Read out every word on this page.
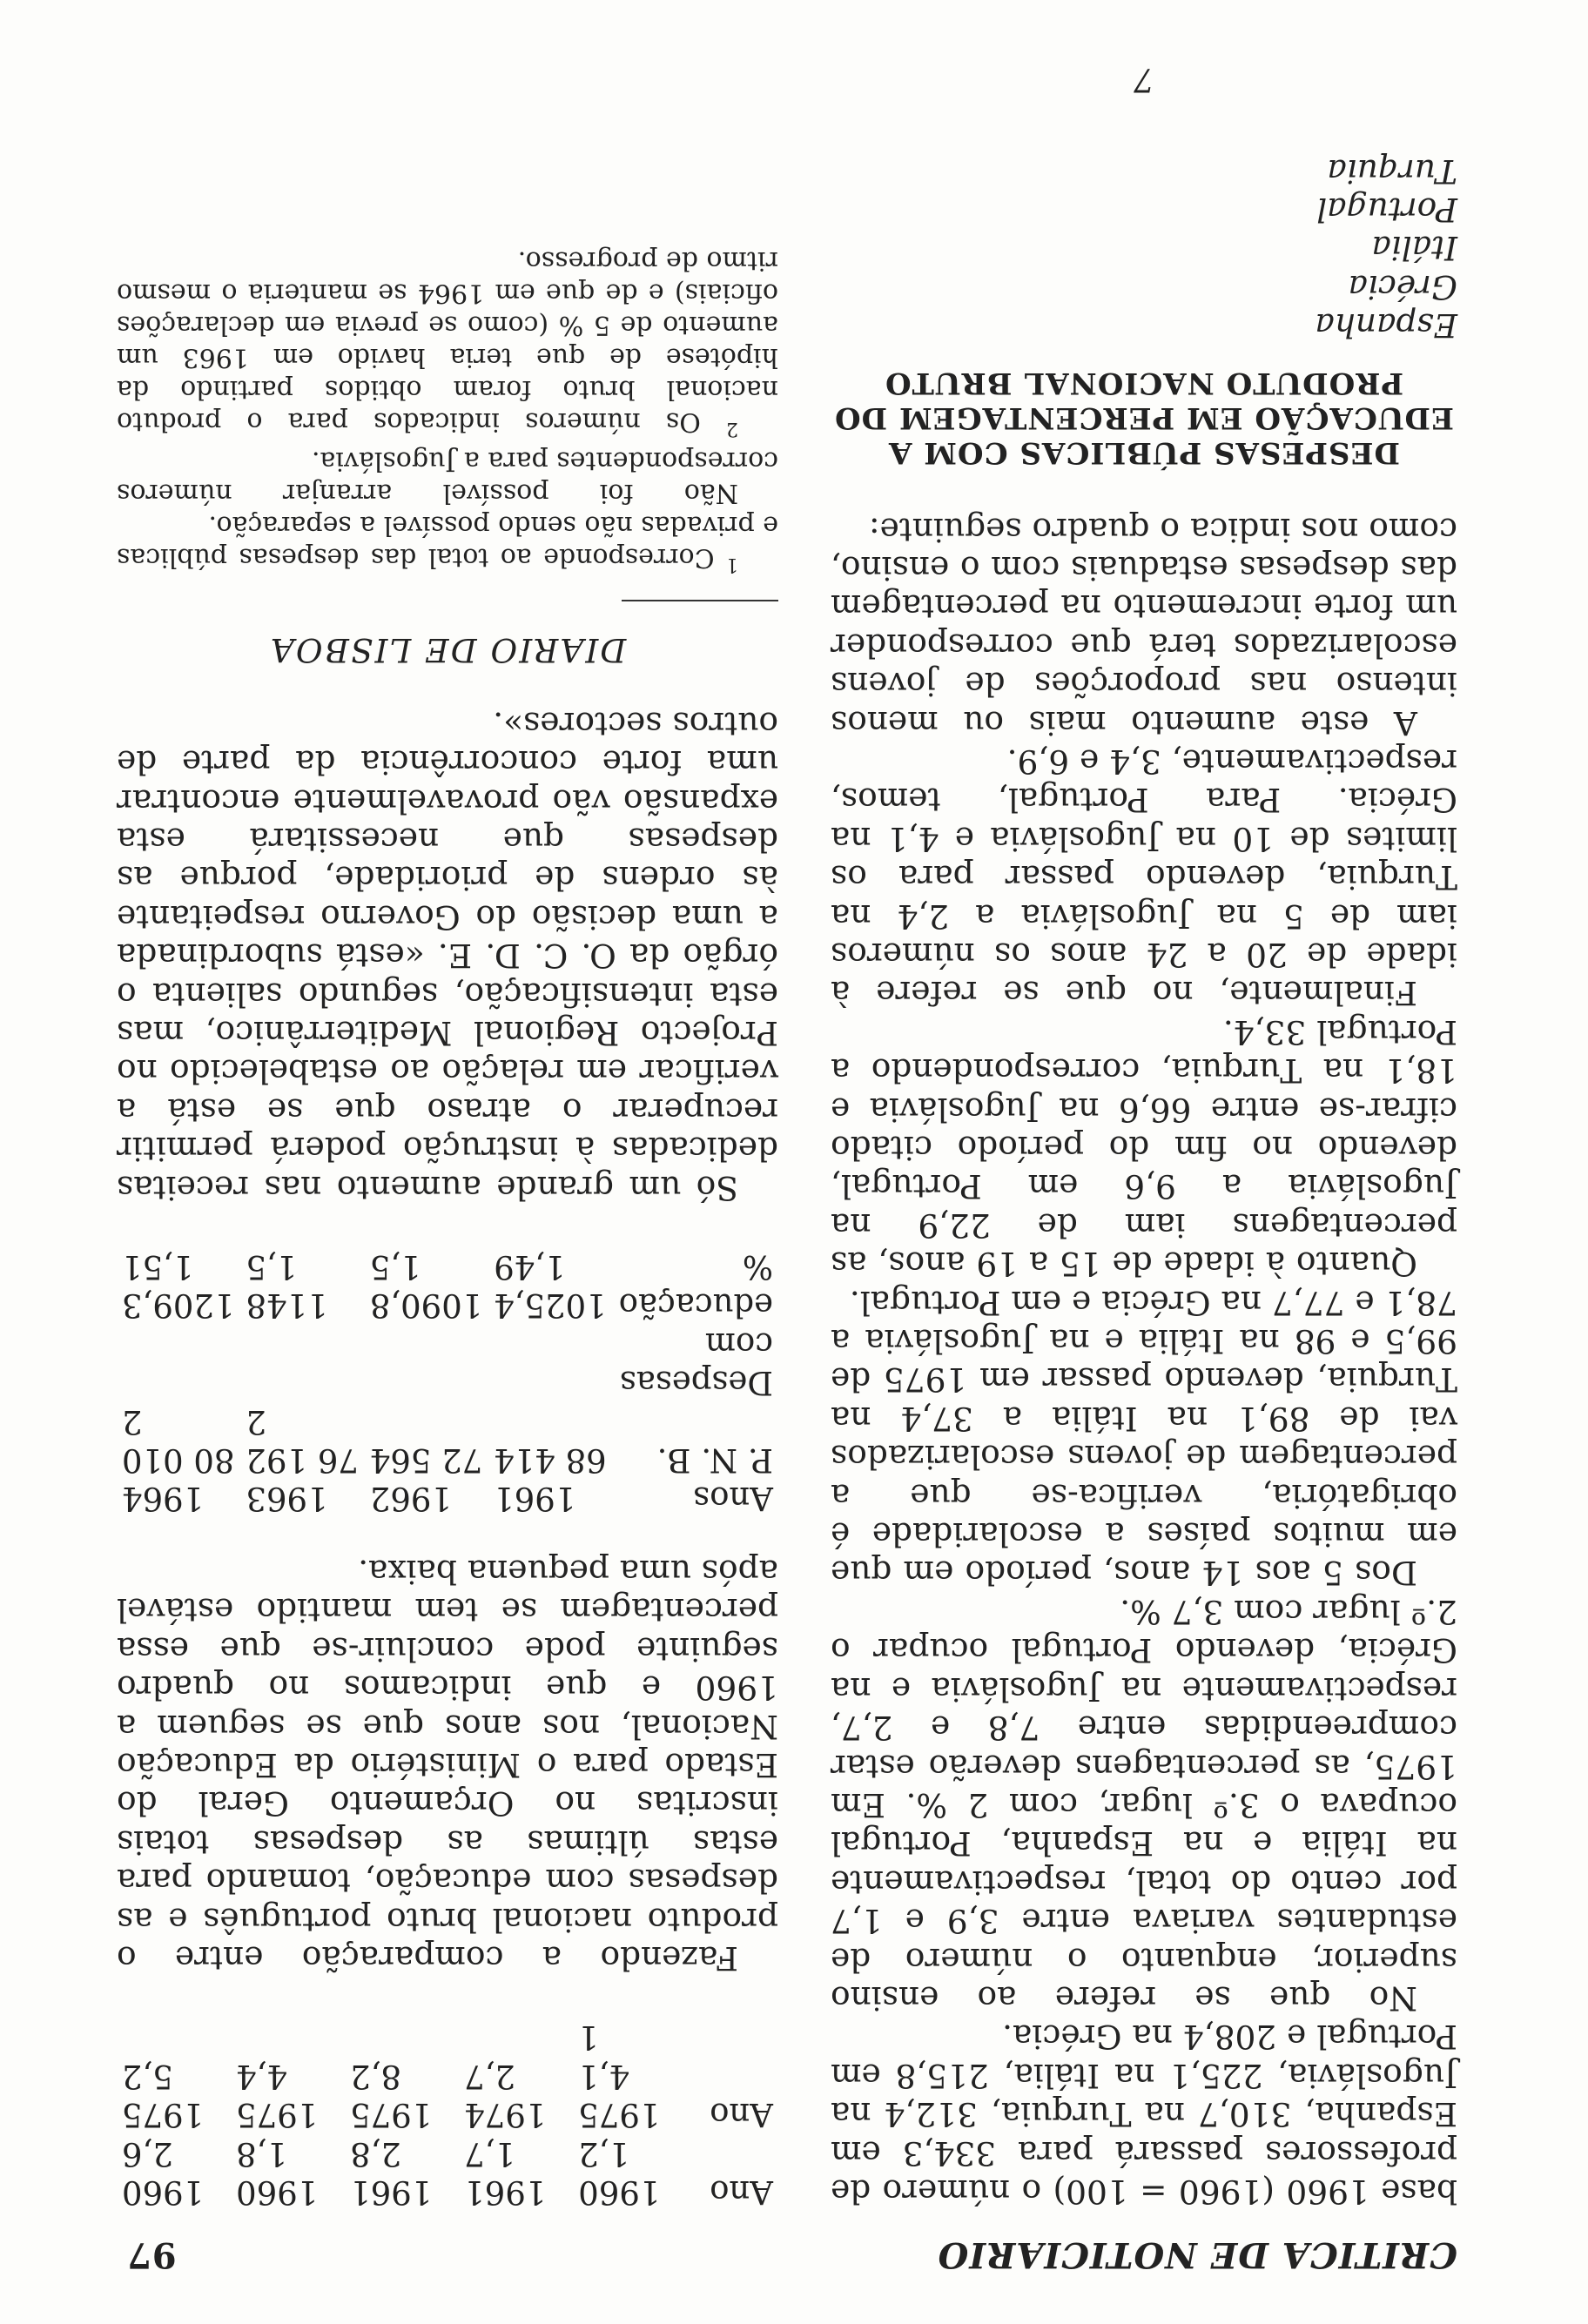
CRITICA DE NOTICIARIO
97

base 1960 (1960 = 100) o número de professores passará para 334,3 em Espanha, 310,7 na Turquia, 312,4 na Jugoslávia, 225,1 na Itália, 215,8 em Portugal e 208,4 na Grécia.

No que se refere ao ensino superior, enquanto o número de estudantes variava entre 3,9 e 1,7 por cento do total, respectivamente na Itália e na Espanha, Portugal ocupava o 3.º lugar, com 2 %. Em 1975, as percentagens deverão estar compreendidas entre 7,8 e 2,7, respectivamente na Jugoslávia e na Grécia, devendo Portugal ocupar o 2.º lugar com 3,7 %.

Dos 5 aos 14 anos, período em que em muitos países a escolaridade é obrigatória, verifica-se que a percentagem de jovens escolarizados vai de 89,1 na Itália a 37,4 na Turquia, devendo passar em 1975 de 99,5 e 98 na Itália e na Jugoslávia a 78,1 e 77,7 na Grécia e em Portugal.

Quanto à idade de 15 a 19 anos, as percentagens iam de 22,9 na Jugoslávia a 9,6 em Portugal, devendo no fim do período citado cifrar-se entre 66,6 na Jugoslávia e 18,1 na Turquia, correspondendo a Portugal 33,4.

Finalmente, no que se refere à idade de 20 a 24 anos os números iam de 5 na Jugoslávia a 2,4 na Turquia, devendo passar para os limites de 10 na Jugoslávia e 4,1 na Grécia. Para Portugal, temos, respectivamente, 3,4 e 6,9.

A este aumento mais ou menos intenso nas proporções de jovens escolarizados terá que corresponder um forte incremento na percentagem das despesas estaduais com o ensino, como nos indica o quadro seguinte:

DESPESAS PÚBLICAS COM A EDUCAÇÃO EM PERCENTAGEM DO PRODUTO NACIONAL BRUTO
Espanha
Grécia
Itália
Portugal
Turquia
7
Ano	1960	1961	1961	1960	1960
	1,2	1,7	2,8	1,8	2,6
Ano	1975	1974	1975	1975	1975
	4,1	2,7	8,2	4,4	5,2
	1				

Fazendo a comparação entre o produto nacional bruto português e as despesas com educação, tomando para estas últimas as despesas totais inscritas no Orçamento Geral do Estado para o Ministério da Educação Nacional, nos anos que se seguem a 1960 e que indicamos no quadro seguinte pode concluir-se que essa percentagem se tem mantido estável após uma pequena baixa.

Anos	1961	1962	1963	1964
P. N. B.	68 414	72 564	76 192	80 010
			2	2
Despesas				
com				
educação	1025,4	1090,8	1148	1209,3
%	1,49	1,5	1,5	1,51

Só um grande aumento nas receitas dedicadas à instrução poderá permitir recuperar o atraso que se está a verificar em relação ao estabelecido no Projecto Regional Mediterrânico, mas esta intensificação, segundo salienta o órgão da O. C. D. E. «está subordinada a uma decisão do Governo respeitante às ordens de prioridade, porque as despesas que necessitará esta expansão vão provavelmente encontrar uma forte concorrência da parte de outros sectores».

DIARIO DE LISBOA

$^1$ Corresponde ao total das despesas públicas e privadas não sendo possível a separação.

Não foi possível arranjar números correspondentes para a Jugoslávia.

$^2$ Os números indicados para o produto nacional bruto foram obtidos partindo da hipótese de que teria havido em 1963 um aumento de 5 % (como se previa em declarações oficiais) e de que em 1964 se manteria o mesmo ritmo de progresso.
